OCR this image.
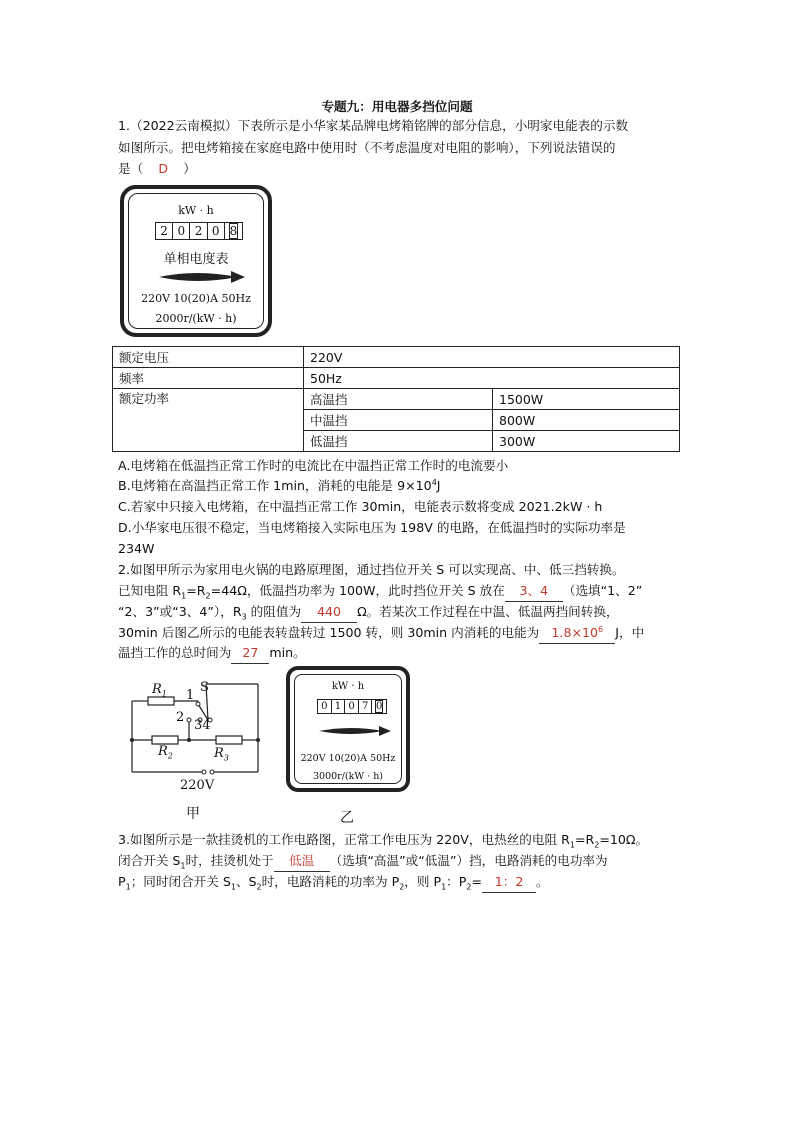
专题九：用电器多挡位问题
1.（2022云南模拟）下表所示是小华家某品牌电烤箱铭牌的部分信息，小明家电能表的示数
如图所示。把电烤箱接在家庭电路中使用时（不考虑温度对电阻的影响），下列说法错误的
是（ D ）
kW · h
2 0 2 0 8
单相电度表
220V 10(20)A 50Hz
2000r/(kW · h)
额定电压	220V	
频率	50Hz	
额定功率	高温挡	1500W
	中温挡	800W
	低温挡	300W
A.电烤箱在低温挡正常工作时的电流比在中温挡正常工作时的电流要小
B.电烤箱在高温挡正常工作 1min，消耗的电能是 $9\times 10^4J$
C.若家中只接入电烤箱，在中温挡正常工作 30min，电能表示数将变成 2021.2kW · h
D.小华家电压很不稳定，当电烤箱接入实际电压为 198V 的电路，在低温挡时的实际功率是
234W
2.如图甲所示为家用电火锅的电路原理图，通过挡位开关 S 可以实现高、中、低三挡转换。
已知电阻 $R_1=R_2=44\Omega$，低温挡功率为 100W，此时挡位开关 S 放在 3、4 （选填“1、2”
“2、3”或“3、4”），$R_3$ 的阻值为 440 Ω。若某次工作过程在中温、低温两挡间转换，
30min 后图乙所示的电能表转盘转过 1500 转，则 30min 内消耗的电能为 $1.8\times 10^6$ J，中
温挡工作的总时间为 27 min。
$R_1$ 1
S
2
34
$R_2$	$R_3$
220V
甲
kW · h
0 1 0 7 0
220V 10(20)A 50Hz
3000r/(kW · h)
乙
3.如图所示是一款挂烫机的工作电路图，正常工作电压为 220V，电热丝的电阻 $R_1=R_2=10\Omega$。
闭合开关 $S_1$时，挂烫机处于 低温 （选填“高温”或“低温”）挡，电路消耗的电功率为
$P_1$；同时闭合开关 $S_1$、$S_2$时，电路消耗的功率为 $P_2$，则 $P_1$：$P_2= 1$：2 。
